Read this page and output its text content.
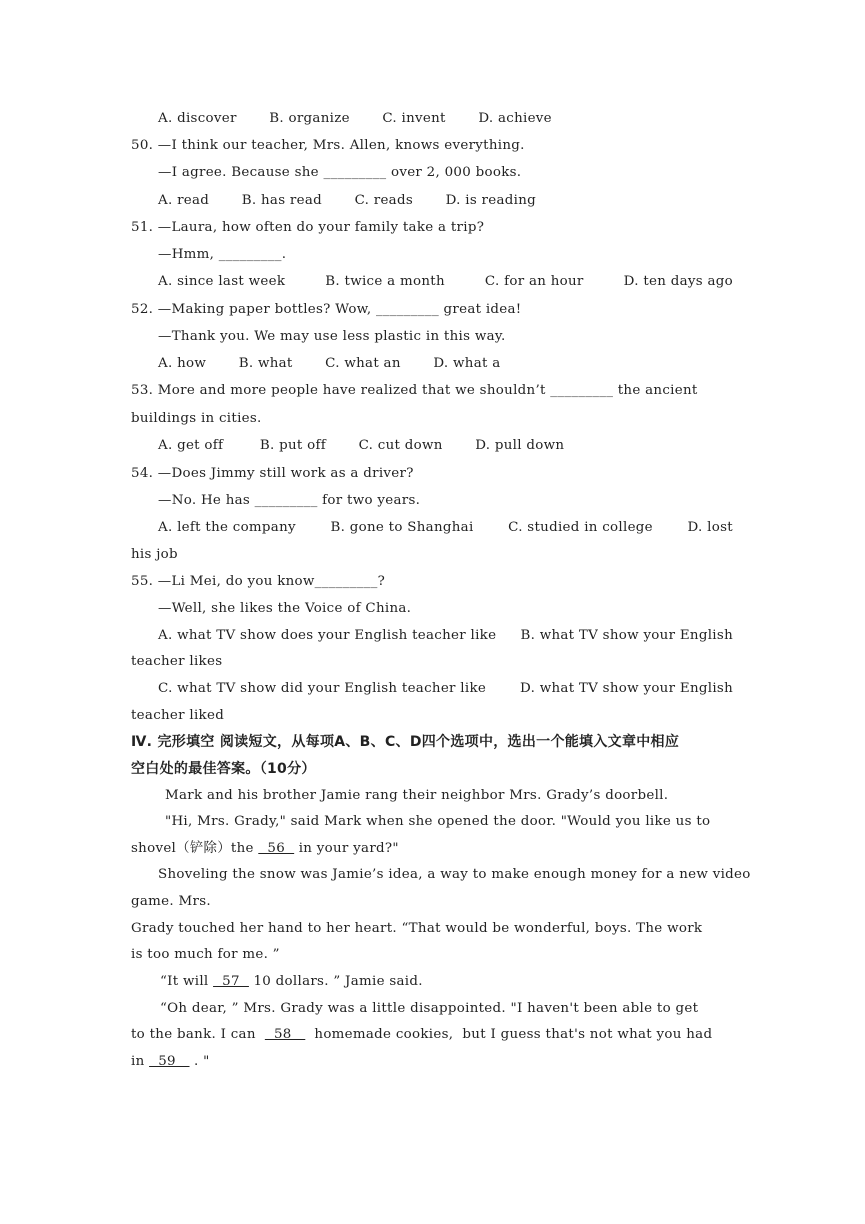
A. discover B. organize C. invent D. achieve
50. —I think our teacher, Mrs. Allen, knows everything.
—I agree. Because she _________ over 2, 000 books.
A. read B. has read C. reads D. is reading
51. —Laura, how often do your family take a trip?
—Hmm, _________.
A. since last week	B. twice a month	C. for an hour	D. ten days ago
52. —Making paper bottles? Wow, _________ great idea!
—Thank you. We may use less plastic in this way.
A. how B. what C. what an D. what a
53. More and more people have realized that we shouldn’t _________ the ancient
buildings in cities.
A. get off	B. put off C. cut down D. pull down
54. —Does Jimmy still work as a driver?
—No. He has _________ for two years.
A. left the company	B. gone to Shanghai	C. studied in college	D. lost
his job
55. —Li Mei, do you know_________?
—Well, she likes the Voice of China.
A. what TV show does your English teacher like B. what TV show your English
teacher likes
C. what TV show did your English teacher like	D. what TV show your English
teacher liked
Ⅳ. 完形填空 阅读短文，从每项A、B、C、D四个选项中，选出一个能填入文章中相应
空白处的最佳答案。（10分）
Mark and his brother Jamie rang their neighbor Mrs. Grady’s doorbell.
"Hi, Mrs. Grady," said Mark when she opened the door. "Would you like us to
shovel（铲除）the   56   in your yard?"
Shoveling the snow was Jamie’s idea, a way to make enough money for a new video
game. Mrs.
Grady touched her hand to her heart. “That would be wonderful, boys. The work
is too much for me. ”
“It will   57   10 dollars. ” Jamie said.
“Oh dear, ” Mrs. Grady was a little disappointed. "I haven't been able to get
to the bank. I can    58     homemade cookies,  but I guess that's not what you had
in   59    . "
